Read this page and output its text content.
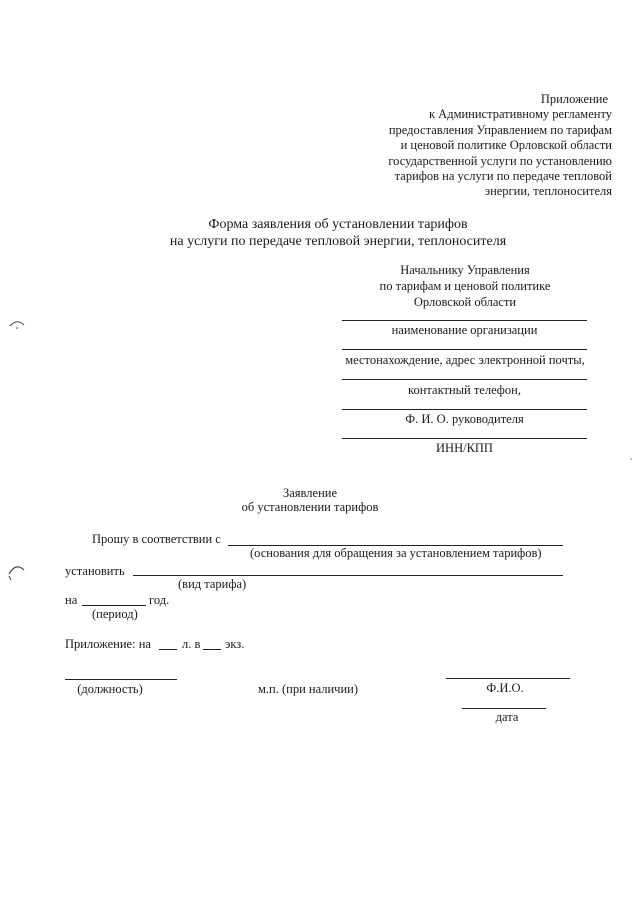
Приложение
к Административному регламенту
предоставления Управлением по тарифам
и ценовой политике Орловской области
государственной услуги по установлению
тарифов на услуги по передаче тепловой
энергии, теплоносителя
Форма заявления об установлении тарифов
на услуги по передаче тепловой энергии, теплоносителя
Начальнику Управления
по тарифам и ценовой политике
Орловской области
наименование организации
местонахождение, адрес электронной почты,
контактный телефон,
Ф. И. О. руководителя
ИНН/КПП
Заявление
об установлении тарифов
Прошу в соответствии с
(основания для обращения за установлением тарифов)
установить
(вид тарифа)
на	год.
(период)
Приложение: на л. в экз.
(должность)	м.п. (при наличии)	Ф.И.О.
дата
